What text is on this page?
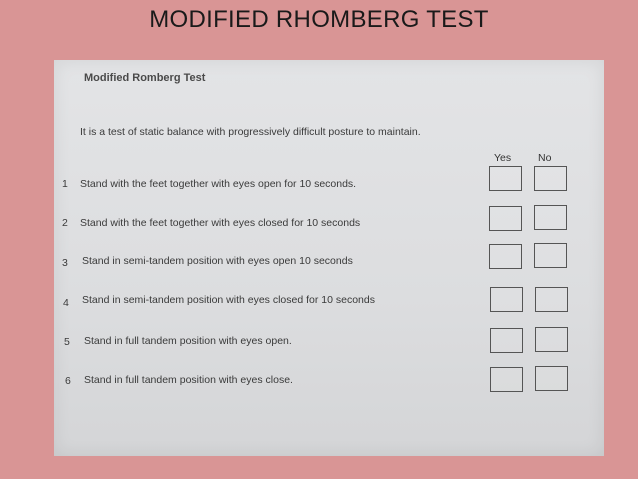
MODIFIED RHOMBERG TEST
Modified Romberg Test
It is a test of static balance with progressively difficult posture to maintain.
Yes	No
1 Stand with the feet together with eyes open for 10 seconds.
2 Stand with the feet together with eyes closed for 10 seconds
3 Stand in semi-tandem position with eyes open 10 seconds
4 Stand in semi-tandem position with eyes closed for 10 seconds
5 Stand in full tandem position with eyes open.
6 Stand in full tandem position with eyes close.
